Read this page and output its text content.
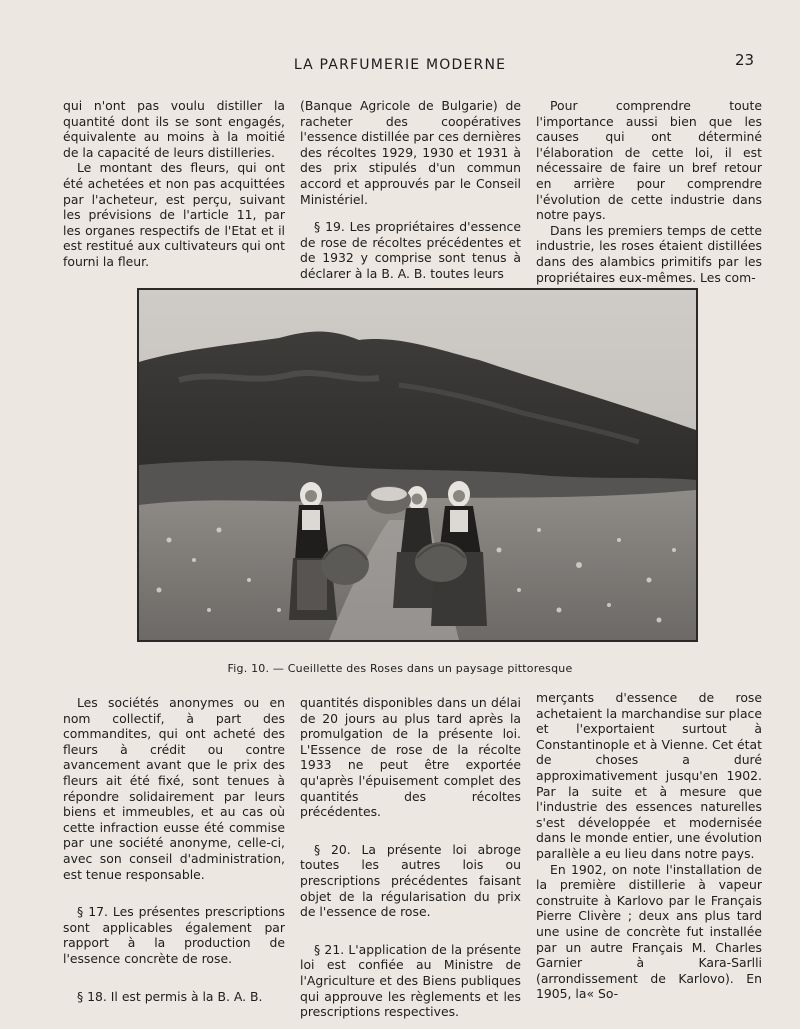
LA PARFUMERIE MODERNE	23

qui n'ont pas voulu distiller la quantité dont ils se sont engagés, équivalente au moins à la moitié de la capacité de leurs distilleries.

Le montant des fleurs, qui ont été achetées et non pas acquittées par l'acheteur, est perçu, suivant les prévisions de l'article 11, par les organes respectifs de l'Etat et il est restitué aux cultivateurs qui ont fourni la fleur.

(Banque Agricole de Bulgarie) de racheter des coopératives l'essence distillée par ces dernières des récoltes 1929, 1930 et 1931 à des prix stipulés d'un commun accord et approuvés par le Conseil Ministériel.

§ 19. Les propriétaires d'essence de rose de récoltes précédentes et de 1932 y comprise sont tenus à déclarer à la B. A. B. toutes leurs

Pour comprendre toute l'importance aussi bien que les causes qui ont déterminé l'élaboration de cette loi, il est nécessaire de faire un bref retour en arrière pour comprendre l'évolution de cette industrie dans notre pays.

Dans les premiers temps de cette industrie, les roses étaient distillées dans des alambics primitifs par les propriétaires eux-mêmes. Les com-

Fig. 10. — Cueillette des Roses dans un paysage pittoresque

Les sociétés anonymes ou en nom collectif, à part des commandites, qui ont acheté des fleurs à crédit ou contre avancement avant que le prix des fleurs ait été fixé, sont tenues à répondre solidairement par leurs biens et immeubles, et au cas où cette infraction eusse été commise par une société anonyme, celle-ci, avec son conseil d'administration, est tenue responsable.

§ 17. Les présentes prescriptions sont applicables également par rapport à la production de l'essence concrète de rose.

§ 18. Il est permis à la B. A. B.

quantités disponibles dans un délai de 20 jours au plus tard après la promulgation de la présente loi. L'Essence de rose de la récolte 1933 ne peut être exportée qu'après l'épuisement complet des quantités des récoltes précédentes.

§ 20. La présente loi abroge toutes les autres lois ou prescriptions précédentes faisant objet de la régularisation du prix de l'essence de rose.

§ 21. L'application de la présente loi est confiée au Ministre de l'Agriculture et des Biens publiques qui approuve les règlements et les prescriptions respectives.

merçants d'essence de rose achetaient la marchandise sur place et l'exportaient surtout à Constantinople et à Vienne. Cet état de choses a duré approximativement jusqu'en 1902. Par la suite et à mesure que l'industrie des essences naturelles s'est développée et modernisée dans le monde entier, une évolution parallèle a eu lieu dans notre pays.

En 1902, on note l'installation de la première distillerie à vapeur construite à Karlovo par le Français Pierre Clivère ; deux ans plus tard une usine de concrète fut installée par un autre Français M. Charles Garnier à Kara-Sarlli (arrondissement de Karlovo). En 1905, la« So-
